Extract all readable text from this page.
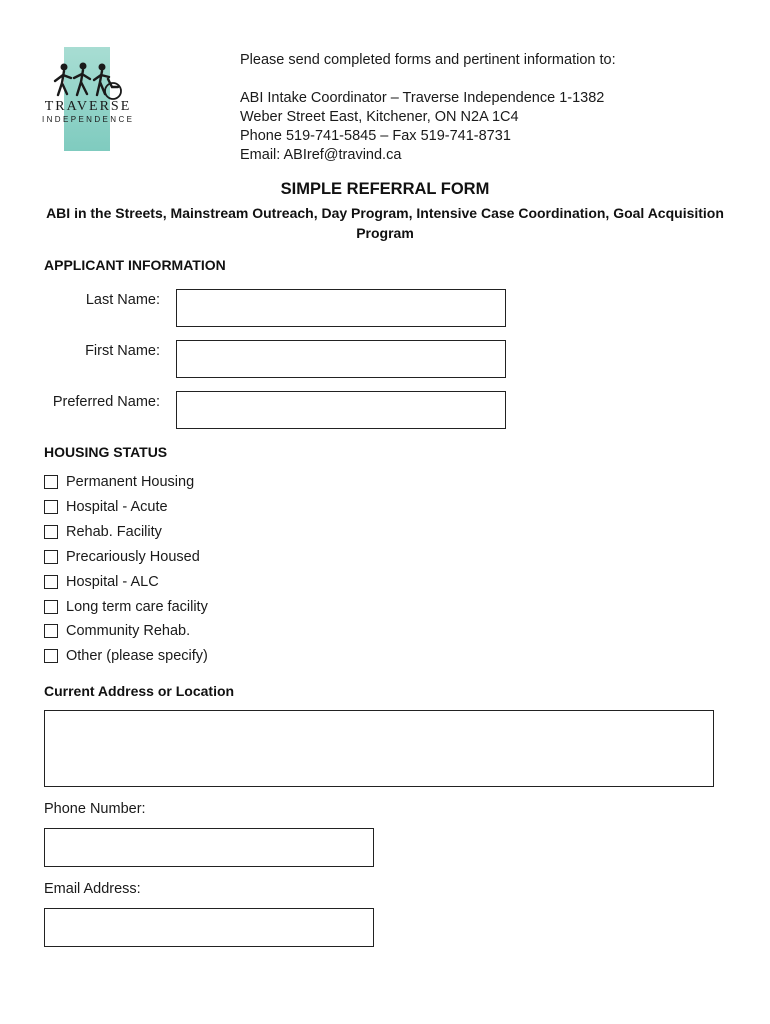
TRAVERSE
INDEPENDENCE
Please send completed forms and pertinent information to:
ABI Intake Coordinator – Traverse Independence 1-1382
Weber Street East, Kitchener, ON N2A 1C4
Phone 519-741-5845 – Fax 519-741-8731
Email: ABIref@travind.ca
SIMPLE REFERRAL FORM
ABI in the Streets, Mainstream Outreach, Day Program, Intensive Case Coordination, Goal Acquisition Program
APPLICANT INFORMATION
Last Name:
First Name:
Preferred Name:
HOUSING STATUS
Permanent Housing
Hospital - Acute
Rehab. Facility
Precariously Housed
Hospital - ALC
Long term care facility
Community Rehab.
Other (please specify)
Current Address or Location
Phone Number:
Email Address:
